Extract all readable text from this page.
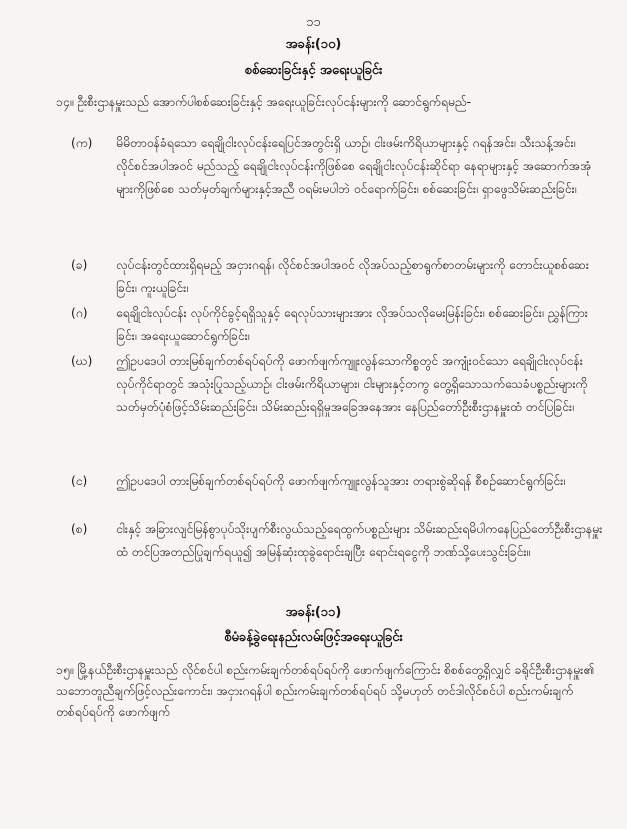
၁၁
အခန်း(၁၀)
စစ်ဆေးခြင်းနှင့် အရေးယူခြင်း

၁၄။ ဦးစီးဌာနမှူးသည် အောက်ပါစစ်ဆေးခြင်းနှင့် အရေးယူခြင်းလုပ်ငန်းများကို ဆောင်ရွက်ရမည်-

(က)	မိမိတာဝန်ခံရသော ရေချိုငါးလုပ်ငန်းရေပြင်အတွင်းရှိ ယာဉ်၊ ငါးဖမ်းကိရိယာများနှင့် ဂရန်အင်း၊ သီးသန့်အင်း၊ လိုင်စင်အပါအဝင် မည်သည့် ရေချိုငါးလုပ်ငန်းကိုဖြစ်စေ ရေချိုငါးလုပ်ငန်းဆိုင်ရာ နေရာများနှင့် အဆောက်အအုံများကိုဖြစ်စေ သတ်မှတ်ချက်များနှင့်အညီ ဝရမ်းမပါဘဲ ဝင်ရောက်ခြင်း၊ စစ်ဆေးခြင်း၊ ရှာဖွေသိမ်းဆည်းခြင်း၊

(ခ)	လုပ်ငန်းတွင်ထားရှိရမည့် အငှားဂရန်၊ လိုင်စင်အပါအဝင် လိုအပ်သည့်စာရွက်စာတမ်းများကို တောင်းယူစစ်ဆေးခြင်း၊ ကူးယူခြင်း၊

(ဂ)	ရေချိုငါးလုပ်ငန်း လုပ်ကိုင်ခွင့်ရရှိသူနှင့် ရေလုပ်သားများအား လိုအပ်သလိုမေးမြန်းခြင်း၊ စစ်ဆေးခြင်း၊ ညွှန်ကြားခြင်း၊ အရေးယူဆောင်ရွက်ခြင်း၊

(ဃ)	ဤဥပဒေပါ တားမြစ်ချက်တစ်ရပ်ရပ်ကို ဖောက်ဖျက်ကျူးလွန်သောကိစ္စတွင် အကျုံးဝင်သော ရေချိုငါးလုပ်ငန်းလုပ်ကိုင်ရာတွင် အသုံးပြုသည့်ယာဉ်၊ ငါးဖမ်းကိရိယာများ၊ ငါးများနှင့်တကွ တွေ့ရှိသောသက်သေခံပစ္စည်းများကို သတ်မှတ်ပုံစံဖြင့်သိမ်းဆည်းခြင်း၊ သိမ်းဆည်းရရှိမှုအခြေအနေအား နေပြည်တော်ဦးစီးဌာနမှူးထံ တင်ပြခြင်း၊

(င)	ဤဥပဒေပါ တားမြစ်ချက်တစ်ရပ်ရပ်ကို ဖောက်ဖျက်ကျူးလွန်သူအား တရားစွဲဆိုရန် စီစဉ်ဆောင်ရွက်ခြင်း၊

(စ)	ငါးနှင့် အခြားလျင်မြန်စွာပုပ်သိုးပျက်စီးလွယ်သည့်ရေထွက်ပစ္စည်းများ သိမ်းဆည်းရမိပါကနေပြည်တော်ဦးစီးဌာနမှူးထံ တင်ပြအတည်ပြုချက်ရယူ၍ အမြန်ဆုံးထုခွဲရောင်းချပြီး ရောင်းရငွေကို ဘဏ်သို့ပေးသွင်းခြင်း။

အခန်း(၁၁)
စီမံခန့်ခွဲရေးနည်းလမ်းဖြင့်အရေးယူခြင်း

၁၅။ မြို့နယ်ဦးစီးဌာနမှူးသည် လိုင်စင်ပါ စည်းကမ်းချက်တစ်ရပ်ရပ်ကို ဖောက်ဖျက်ကြောင်း စိစစ်တွေ့ရှိလျှင် ခရိုင်ဦးစီးဌာနမှူး၏ သဘောတူညီချက်ဖြင့်လည်းကောင်း၊ အငှားဂရန်ပါ စည်းကမ်းချက်တစ်ရပ်ရပ် သို့မဟုတ် တင်ဒါလိုင်စင်ပါ စည်းကမ်းချက်တစ်ရပ်ရပ်ကို ဖောက်ဖျက်
